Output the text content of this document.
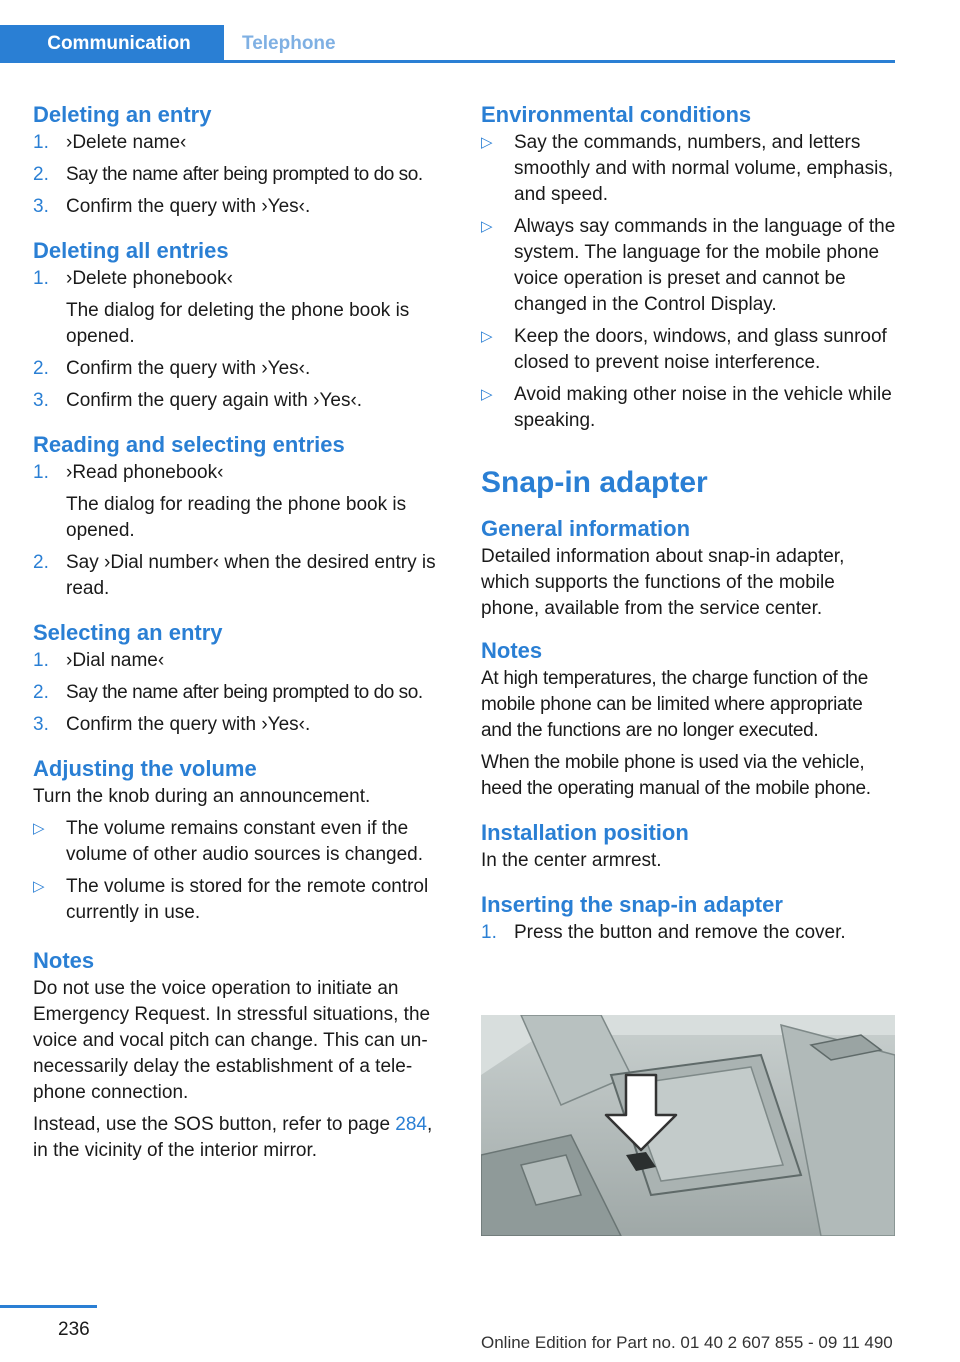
Communication	Telephone
Deleting an entry
1. ›Delete name‹

2. Say the name after being prompted to do so.

3. Confirm the query with ›Yes‹.

Deleting all entries
1. ›Delete phonebook‹

The dialog for deleting the phone book is opened.

2. Confirm the query with ›Yes‹.

3. Confirm the query again with ›Yes‹.

Reading and selecting entries
1. ›Read phonebook‹

The dialog for reading the phone book is opened.

2. Say ›Dial number‹ when the desired entry is read.

Selecting an entry
1. ›Dial name‹

2. Say the name after being prompted to do so.

3. Confirm the query with ›Yes‹.

Adjusting the volume

Turn the knob during an announcement.

▷ The volume remains constant even if the volume of other audio sources is changed.

▷ The volume is stored for the remote control currently in use.

Notes

Do not use the voice operation to initiate an Emergency Request. In stressful situations, the voice and vocal pitch can change. This can unnecessarily delay the establishment of a telephone connection.

Instead, use the SOS button, refer to page 284, in the vicinity of the interior mirror.

Environmental conditions
▷ Say the commands, numbers, and letters smoothly and with normal volume, emphasis, and speed.

▷ Always say commands in the language of the system. The language for the mobile phone voice operation is preset and cannot be changed in the Control Display.

▷ Keep the doors, windows, and glass sunroof closed to prevent noise interference.

▷ Avoid making other noise in the vehicle while speaking.

Snap-in adapter
General information

Detailed information about snap-in adapter, which supports the functions of the mobile phone, available from the service center.

Notes

At high temperatures, the charge function of the mobile phone can be limited where appropriate and the functions are no longer executed.

When the mobile phone is used via the vehicle, heed the operating manual of the mobile phone.

Installation position

In the center armrest.

Inserting the snap-in adapter
1. Press the button and remove the cover.

236
Online Edition for Part no. 01 40 2 607 855 - 09 11 490
